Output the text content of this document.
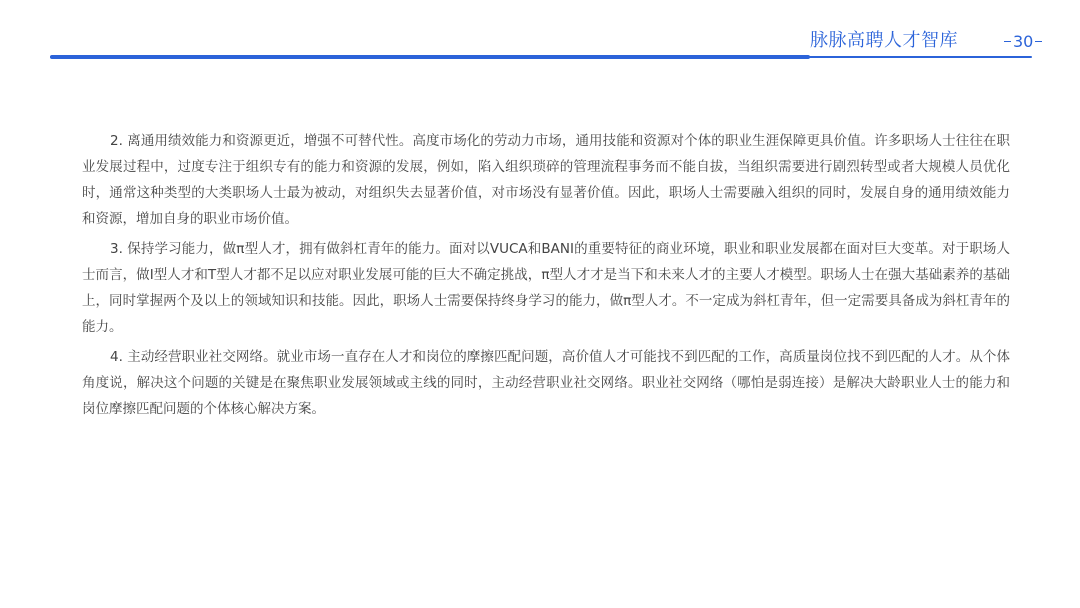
脉脉高聘人才智库	30

2. 离通用绩效能力和资源更近，增强不可替代性。高度市场化的劳动力市场，通用技能和资源对个体的职业生涯保障更具价值。许多职场人士往往在职业发展过程中，过度专注于组织专有的能力和资源的发展，例如，陷入组织琐碎的管理流程事务而不能自拔，当组织需要进行剧烈转型或者大规模人员优化时，通常这种类型的大类职场人士最为被动，对组织失去显著价值，对市场没有显著价值。因此，职场人士需要融入组织的同时，发展自身的通用绩效能力和资源，增加自身的职业市场价值。

3. 保持学习能力，做π型人才，拥有做斜杠青年的能力。面对以VUCA和BANI的重要特征的商业环境，职业和职业发展都在面对巨大变革。对于职场人士而言，做I型人才和T型人才都不足以应对职业发展可能的巨大不确定挑战，π型人才才是当下和未来人才的主要人才模型。职场人士在强大基础素养的基础上，同时掌握两个及以上的领域知识和技能。因此，职场人士需要保持终身学习的能力，做π型人才。不一定成为斜杠青年，但一定需要具备成为斜杠青年的能力。

4. 主动经营职业社交网络。就业市场一直存在人才和岗位的摩擦匹配问题，高价值人才可能找不到匹配的工作，高质量岗位找不到匹配的人才。从个体角度说，解决这个问题的关键是在聚焦职业发展领域或主线的同时，主动经营职业社交网络。职业社交网络（哪怕是弱连接）是解决大龄职业人士的能力和岗位摩擦匹配问题的个体核心解决方案。
